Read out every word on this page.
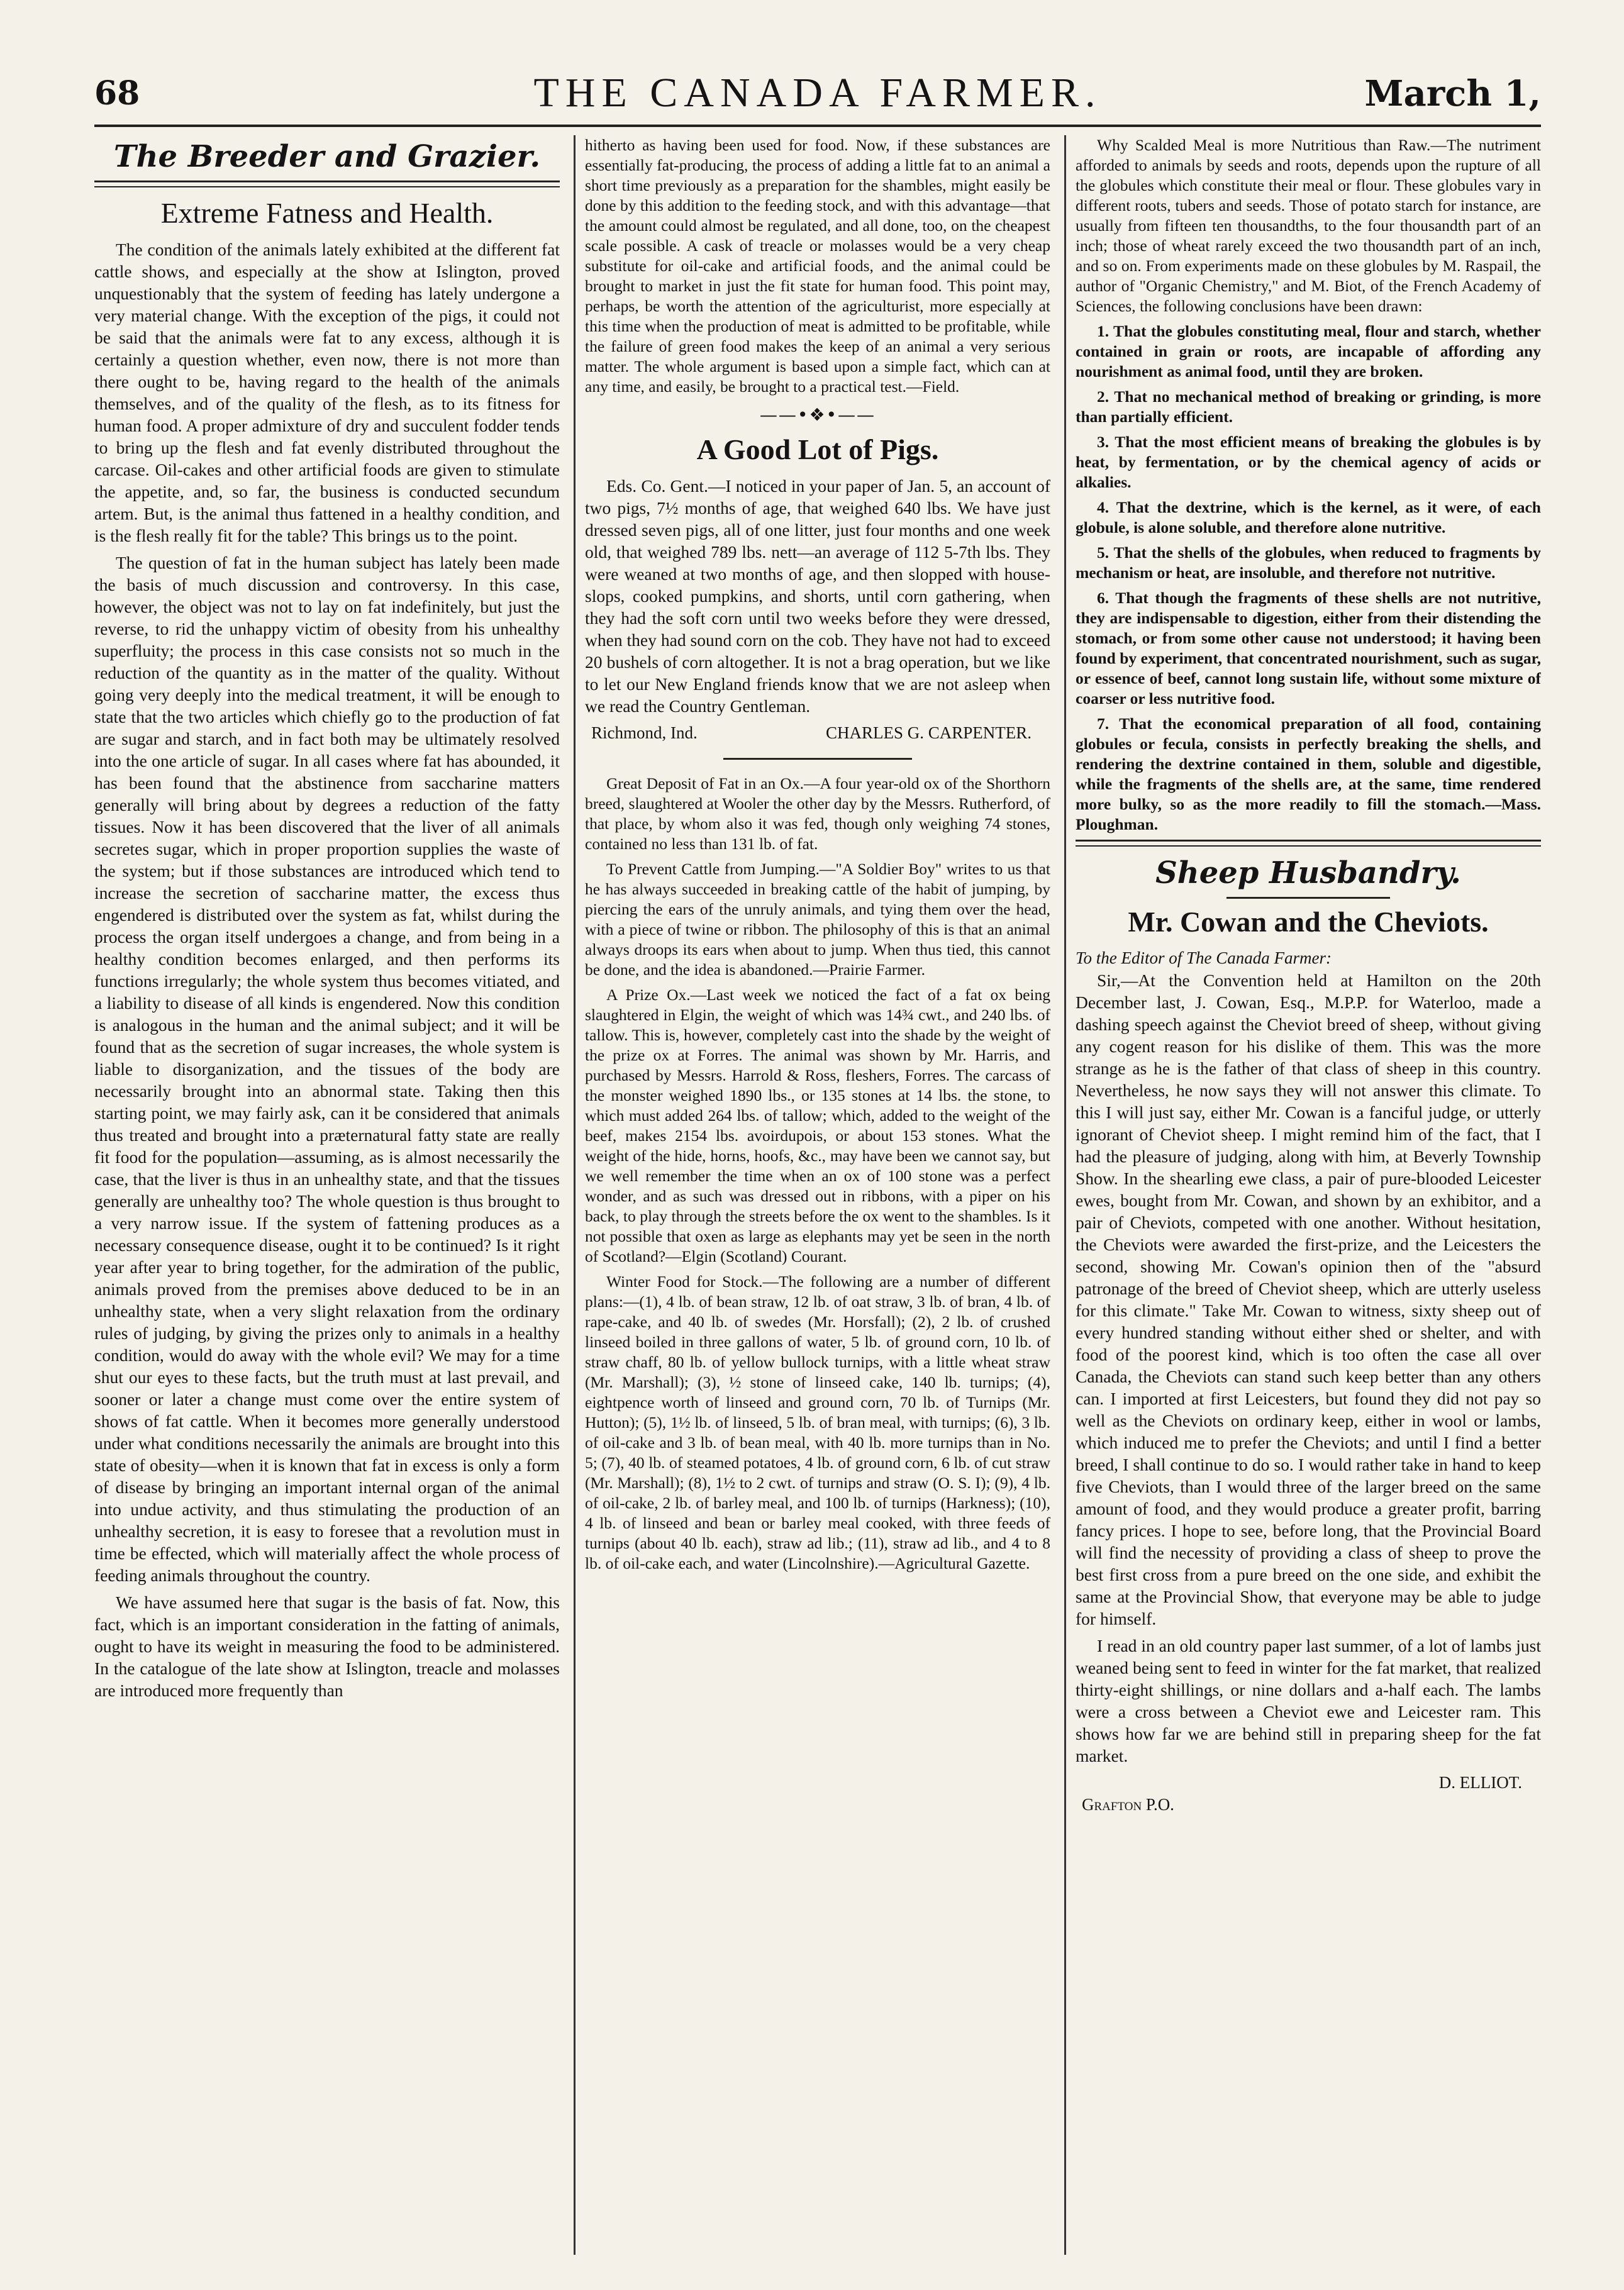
68	THE CANADA FARMER.	March 1,
The Breeder and Grazier.
Extreme Fatness and Health.

The condition of the animals lately exhibited at the different fat cattle shows, and especially at the show at Islington, proved unquestionably that the system of feeding has lately undergone a very material change. With the exception of the pigs, it could not be said that the animals were fat to any excess, although it is certainly a question whether, even now, there is not more than there ought to be, having regard to the health of the animals themselves, and of the quality of the flesh, as to its fitness for human food. A proper admixture of dry and succulent fodder tends to bring up the flesh and fat evenly distributed throughout the carcase. Oil-cakes and other artificial foods are given to stimulate the appetite, and, so far, the business is conducted secundum artem. But, is the animal thus fattened in a healthy condition, and is the flesh really fit for the table? This brings us to the point.

The question of fat in the human subject has lately been made the basis of much discussion and controversy. In this case, however, the object was not to lay on fat indefinitely, but just the reverse, to rid the unhappy victim of obesity from his unhealthy superfluity; the process in this case consists not so much in the reduction of the quantity as in the matter of the quality. Without going very deeply into the medical treatment, it will be enough to state that the two articles which chiefly go to the production of fat are sugar and starch, and in fact both may be ultimately resolved into the one article of sugar. In all cases where fat has abounded, it has been found that the abstinence from saccharine matters generally will bring about by degrees a reduction of the fatty tissues. Now it has been discovered that the liver of all animals secretes sugar, which in proper proportion supplies the waste of the system; but if those substances are introduced which tend to increase the secretion of saccharine matter, the excess thus engendered is distributed over the system as fat, whilst during the process the organ itself undergoes a change, and from being in a healthy condition becomes enlarged, and then performs its functions irregularly; the whole system thus becomes vitiated, and a liability to disease of all kinds is engendered. Now this condition is analogous in the human and the animal subject; and it will be found that as the secretion of sugar increases, the whole system is liable to disorganization, and the tissues of the body are necessarily brought into an abnormal state. Taking then this starting point, we may fairly ask, can it be considered that animals thus treated and brought into a præternatural fatty state are really fit food for the population—assuming, as is almost necessarily the case, that the liver is thus in an unhealthy state, and that the tissues generally are unhealthy too? The whole question is thus brought to a very narrow issue. If the system of fattening produces as a necessary consequence disease, ought it to be continued? Is it right year after year to bring together, for the admiration of the public, animals proved from the premises above deduced to be in an unhealthy state, when a very slight relaxation from the ordinary rules of judging, by giving the prizes only to animals in a healthy condition, would do away with the whole evil? We may for a time shut our eyes to these facts, but the truth must at last prevail, and sooner or later a change must come over the entire system of shows of fat cattle. When it becomes more generally understood under what conditions necessarily the animals are brought into this state of obesity—when it is known that fat in excess is only a form of disease by bringing an important internal organ of the animal into undue activity, and thus stimulating the production of an unhealthy secretion, it is easy to foresee that a revolution must in time be effected, which will materially affect the whole process of feeding animals throughout the country.

We have assumed here that sugar is the basis of fat. Now, this fact, which is an important consideration in the fatting of animals, ought to have its weight in measuring the food to be administered. In the catalogue of the late show at Islington, treacle and molasses are introduced more frequently than

hitherto as having been used for food. Now, if these substances are essentially fat-producing, the process of adding a little fat to an animal a short time previously as a preparation for the shambles, might easily be done by this addition to the feeding stock, and with this advantage—that the amount could almost be regulated, and all done, too, on the cheapest scale possible. A cask of treacle or molasses would be a very cheap substitute for oil-cake and artificial foods, and the animal could be brought to market in just the fit state for human food. This point may, perhaps, be worth the attention of the agriculturist, more especially at this time when the production of meat is admitted to be profitable, while the failure of green food makes the keep of an animal a very serious matter. The whole argument is based upon a simple fact, which can at any time, and easily, be brought to a practical test.—Field.

——•❖•——
A Good Lot of Pigs.

Eds. Co. Gent.—I noticed in your paper of Jan. 5, an account of two pigs, 7½ months of age, that weighed 640 lbs. We have just dressed seven pigs, all of one litter, just four months and one week old, that weighed 789 lbs. nett—an average of 112 5-7th lbs. They were weaned at two months of age, and then slopped with house-slops, cooked pumpkins, and shorts, until corn gathering, when they had the soft corn until two weeks before they were dressed, when they had sound corn on the cob. They have not had to exceed 20 bushels of corn altogether. It is not a brag operation, but we like to let our New England friends know that we are not asleep when we read the Country Gentleman.

Richmond, Ind.	CHARLES G. CARPENTER.

Great Deposit of Fat in an Ox.—A four year-old ox of the Shorthorn breed, slaughtered at Wooler the other day by the Messrs. Rutherford, of that place, by whom also it was fed, though only weighing 74 stones, contained no less than 131 lb. of fat.

To Prevent Cattle from Jumping.—"A Soldier Boy" writes to us that he has always succeeded in breaking cattle of the habit of jumping, by piercing the ears of the unruly animals, and tying them over the head, with a piece of twine or ribbon. The philosophy of this is that an animal always droops its ears when about to jump. When thus tied, this cannot be done, and the idea is abandoned.—Prairie Farmer.

A Prize Ox.—Last week we noticed the fact of a fat ox being slaughtered in Elgin, the weight of which was 14¾ cwt., and 240 lbs. of tallow. This is, however, completely cast into the shade by the weight of the prize ox at Forres. The animal was shown by Mr. Harris, and purchased by Messrs. Harrold & Ross, fleshers, Forres. The carcass of the monster weighed 1890 lbs., or 135 stones at 14 lbs. the stone, to which must added 264 lbs. of tallow; which, added to the weight of the beef, makes 2154 lbs. avoirdupois, or about 153 stones. What the weight of the hide, horns, hoofs, &c., may have been we cannot say, but we well remember the time when an ox of 100 stone was a perfect wonder, and as such was dressed out in ribbons, with a piper on his back, to play through the streets before the ox went to the shambles. Is it not possible that oxen as large as elephants may yet be seen in the north of Scotland?—Elgin (Scotland) Courant.

Winter Food for Stock.—The following are a number of different plans:—(1), 4 lb. of bean straw, 12 lb. of oat straw, 3 lb. of bran, 4 lb. of rape-cake, and 40 lb. of swedes (Mr. Horsfall); (2), 2 lb. of crushed linseed boiled in three gallons of water, 5 lb. of ground corn, 10 lb. of straw chaff, 80 lb. of yellow bullock turnips, with a little wheat straw (Mr. Marshall); (3), ½ stone of linseed cake, 140 lb. turnips; (4), eightpence worth of linseed and ground corn, 70 lb. of Turnips (Mr. Hutton); (5), 1½ lb. of linseed, 5 lb. of bran meal, with turnips; (6), 3 lb. of oil-cake and 3 lb. of bean meal, with 40 lb. more turnips than in No. 5; (7), 40 lb. of steamed potatoes, 4 lb. of ground corn, 6 lb. of cut straw (Mr. Marshall); (8), 1½ to 2 cwt. of turnips and straw (O. S. I); (9), 4 lb. of oil-cake, 2 lb. of barley meal, and 100 lb. of turnips (Harkness); (10), 4 lb. of linseed and bean or barley meal cooked, with three feeds of turnips (about 40 lb. each), straw ad lib.; (11), straw ad lib., and 4 to 8 lb. of oil-cake each, and water (Lincolnshire).—Agricultural Gazette.

Why Scalded Meal is more Nutritious than Raw.—The nutriment afforded to animals by seeds and roots, depends upon the rupture of all the globules which constitute their meal or flour. These globules vary in different roots, tubers and seeds. Those of potato starch for instance, are usually from fifteen ten thousandths, to the four thousandth part of an inch; those of wheat rarely exceed the two thousandth part of an inch, and so on. From experiments made on these globules by M. Raspail, the author of "Organic Chemistry," and M. Biot, of the French Academy of Sciences, the following conclusions have been drawn:

1. That the globules constituting meal, flour and starch, whether contained in grain or roots, are incapable of affording any nourishment as animal food, until they are broken.

2. That no mechanical method of breaking or grinding, is more than partially efficient.

3. That the most efficient means of breaking the globules is by heat, by fermentation, or by the chemical agency of acids or alkalies.

4. That the dextrine, which is the kernel, as it were, of each globule, is alone soluble, and therefore alone nutritive.

5. That the shells of the globules, when reduced to fragments by mechanism or heat, are insoluble, and therefore not nutritive.

6. That though the fragments of these shells are not nutritive, they are indispensable to digestion, either from their distending the stomach, or from some other cause not understood; it having been found by experiment, that concentrated nourishment, such as sugar, or essence of beef, cannot long sustain life, without some mixture of coarser or less nutritive food.

7. That the economical preparation of all food, containing globules or fecula, consists in perfectly breaking the shells, and rendering the dextrine contained in them, soluble and digestible, while the fragments of the shells are, at the same, time rendered more bulky, so as the more readily to fill the stomach.—Mass. Ploughman.

Sheep Husbandry.
Mr. Cowan and the Cheviots.
To the Editor of The Canada Farmer:

Sir,—At the Convention held at Hamilton on the 20th December last, J. Cowan, Esq., M.P.P. for Waterloo, made a dashing speech against the Cheviot breed of sheep, without giving any cogent reason for his dislike of them. This was the more strange as he is the father of that class of sheep in this country. Nevertheless, he now says they will not answer this climate. To this I will just say, either Mr. Cowan is a fanciful judge, or utterly ignorant of Cheviot sheep. I might remind him of the fact, that I had the pleasure of judging, along with him, at Beverly Township Show. In the shearling ewe class, a pair of pure-blooded Leicester ewes, bought from Mr. Cowan, and shown by an exhibitor, and a pair of Cheviots, competed with one another. Without hesitation, the Cheviots were awarded the first-prize, and the Leicesters the second, showing Mr. Cowan's opinion then of the "absurd patronage of the breed of Cheviot sheep, which are utterly useless for this climate." Take Mr. Cowan to witness, sixty sheep out of every hundred standing without either shed or shelter, and with food of the poorest kind, which is too often the case all over Canada, the Cheviots can stand such keep better than any others can. I imported at first Leicesters, but found they did not pay so well as the Cheviots on ordinary keep, either in wool or lambs, which induced me to prefer the Cheviots; and until I find a better breed, I shall continue to do so. I would rather take in hand to keep five Cheviots, than I would three of the larger breed on the same amount of food, and they would produce a greater profit, barring fancy prices. I hope to see, before long, that the Provincial Board will find the necessity of providing a class of sheep to prove the best first cross from a pure breed on the one side, and exhibit the same at the Provincial Show, that everyone may be able to judge for himself.

I read in an old country paper last summer, of a lot of lambs just weaned being sent to feed in winter for the fat market, that realized thirty-eight shillings, or nine dollars and a-half each. The lambs were a cross between a Cheviot ewe and Leicester ram. This shows how far we are behind still in preparing sheep for the fat market.

D. ELLIOT.
Grafton P.O.
